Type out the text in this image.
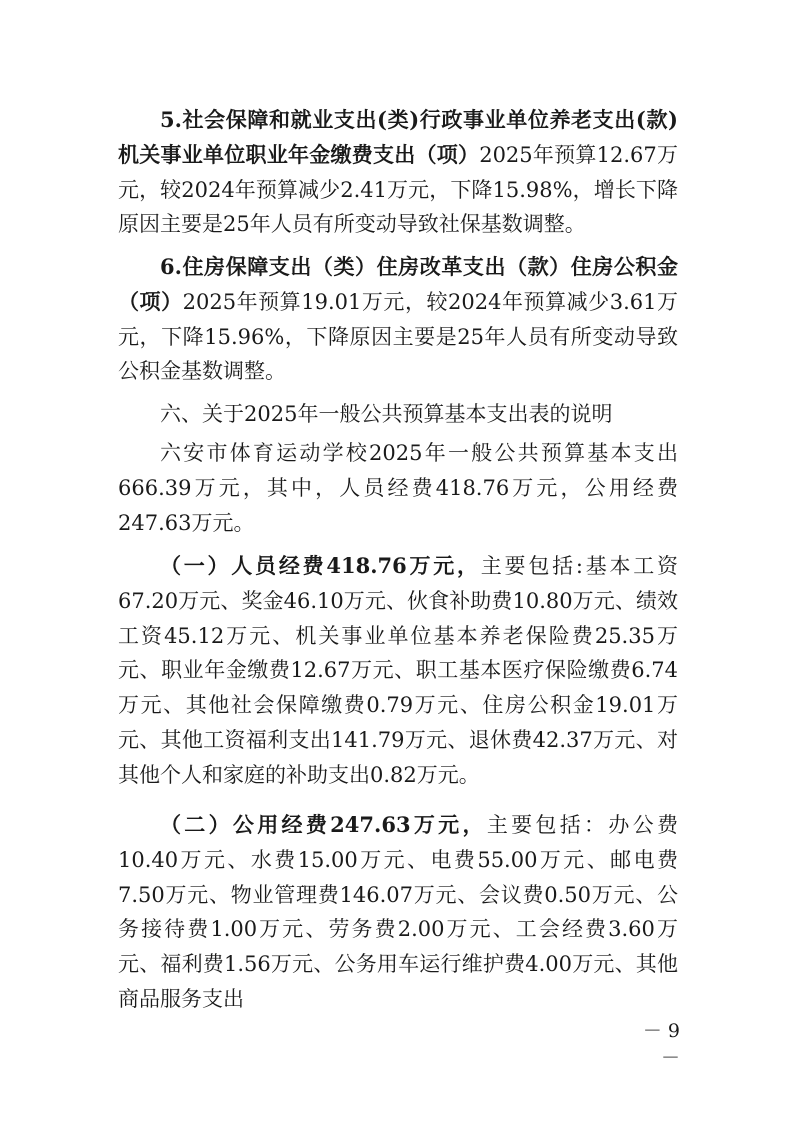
5.社会保障和就业支出(类)行政事业单位养老支出(款)机关事业单位职业年金缴费支出（项）2025年预算12.67万元，较2024年预算减少2.41万元，下降15.98%，增长下降原因主要是25年人员有所变动导致社保基数调整。

6.住房保障支出（类）住房改革支出（款）住房公积金（项）2025年预算19.01万元，较2024年预算减少3.61万元，下降15.96%，下降原因主要是25年人员有所变动导致公积金基数调整。

六、关于2025年一般公共预算基本支出表的说明

六安市体育运动学校2025年一般公共预算基本支出666.39万元，其中，人员经费418.76万元，公用经费247.63万元。

（一）人员经费418.76万元，主要包括:基本工资67.20万元、奖金46.10万元、伙食补助费10.80万元、绩效工资45.12万元、机关事业单位基本养老保险费25.35万元、职业年金缴费12.67万元、职工基本医疗保险缴费6.74万元、其他社会保障缴费0.79万元、住房公积金19.01万元、其他工资福利支出141.79万元、退休费42.37万元、对其他个人和家庭的补助支出0.82万元。

（二）公用经费247.63万元，主要包括：办公费10.40万元、水费15.00万元、电费55.00万元、邮电费7.50万元、物业管理费146.07万元、会议费0.50万元、公务接待费1.00万元、劳务费2.00万元、工会经费3.60万元、福利费1.56万元、公务用车运行维护费4.00万元、其他商品服务支出

－ 9 －
